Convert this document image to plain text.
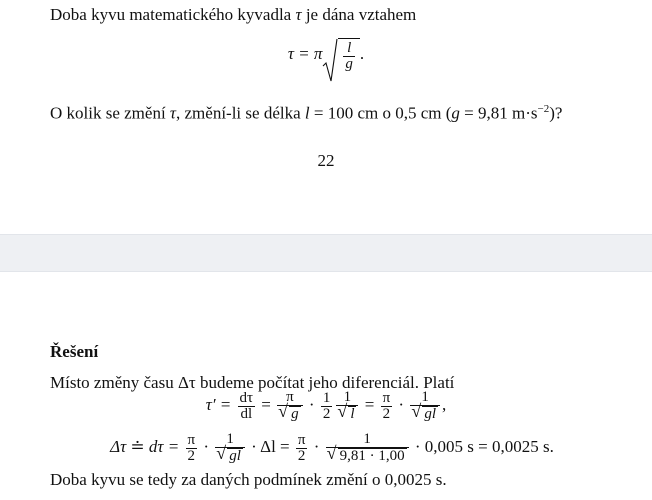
Doba kyvu matematického kyvadla τ je dána vztahem
τ = π $\frac{l}{g}$ .
O kolik se změní τ, změní-li se délka l = 100 cm o 0,5 cm (g = 9,81 $m\cdot s^{-2}$)?
22
Řešení
Místo změny času Δτ budeme počítat jeho diferenciál. Platí
$\tau' = \frac{d\tau}{dl} = \pi$
√ $g \cdot \frac{1}{2} 1$
√ $l = \frac{\pi}{2} \cdot 1$
√ gl ,
Δτ ≐ $d\tau = \frac{\pi}{2} \cdot 1$
√ gl · $\Delta l = \frac{\pi}{2} \cdot 1$
√ 9,81 · 1,00 · 0,005 s = 0,0025 s.
Doba kyvu se tedy za daných podmínek změní o 0,0025 s.
